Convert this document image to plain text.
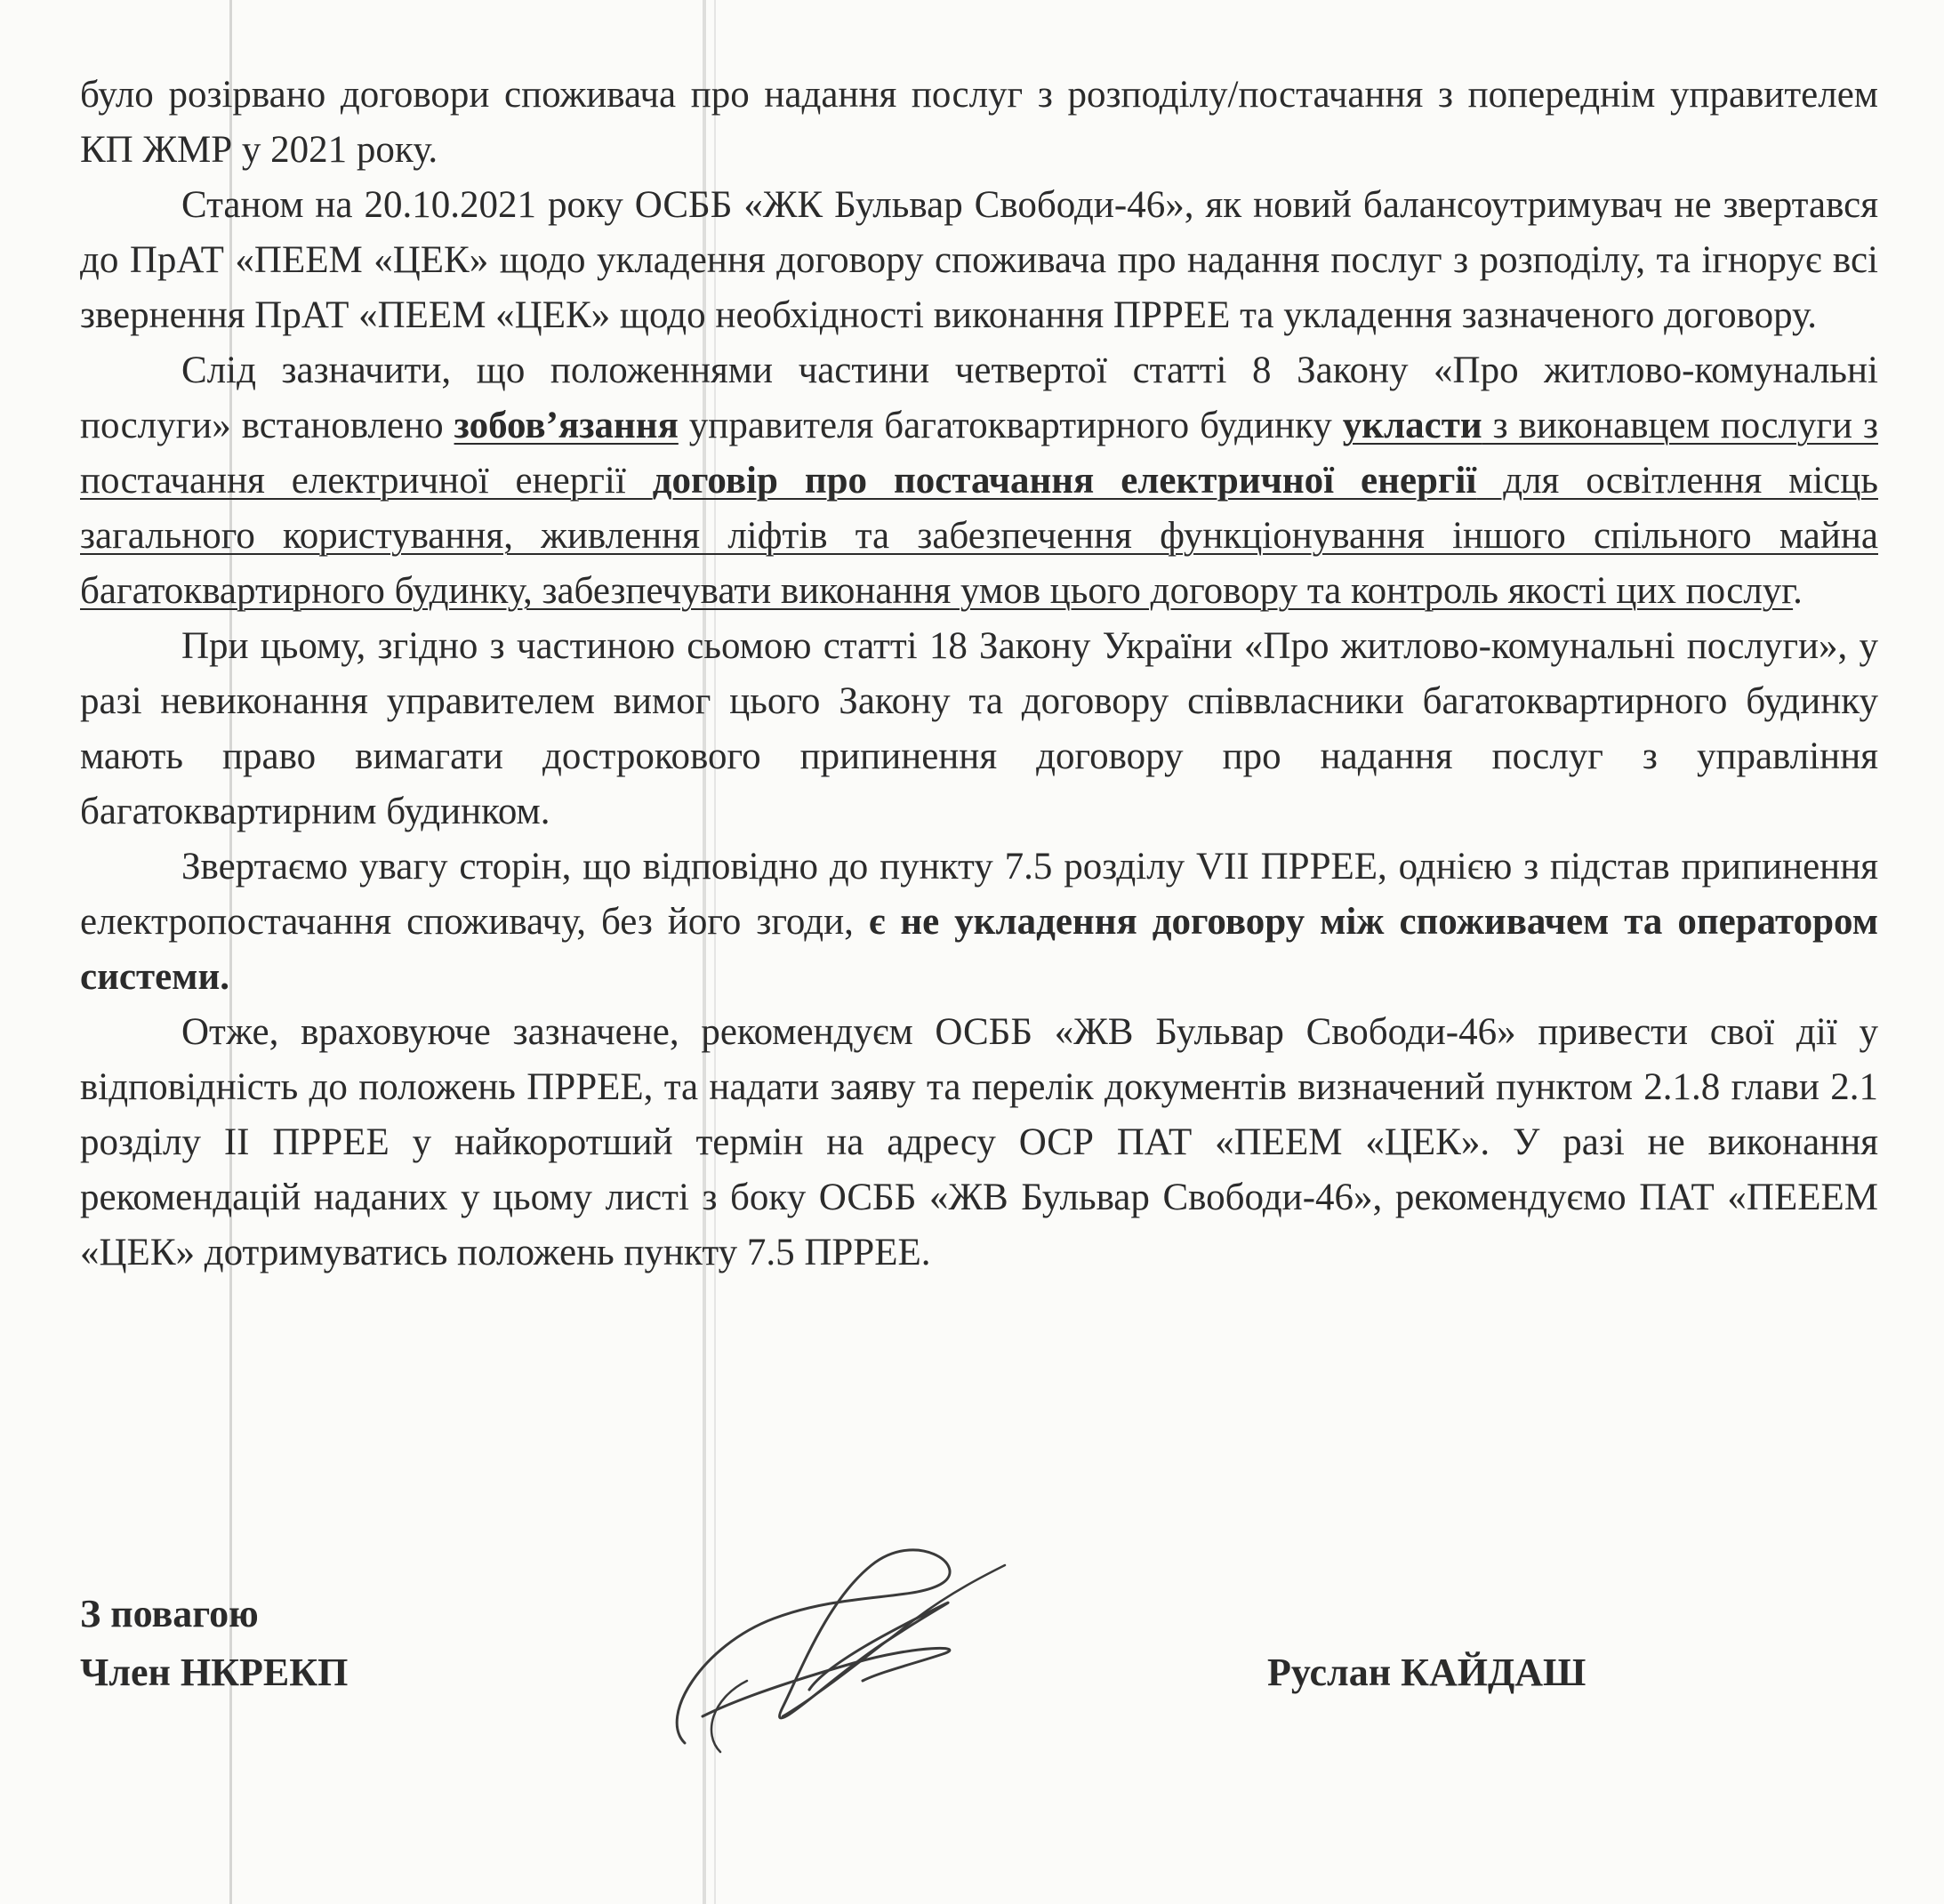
було розірвано договори споживача про надання послуг з розподілу/постачання з попереднім управителем КП ЖМР у 2021 року.

Станом на 20.10.2021 року ОСББ «ЖК Бульвар Свободи-46», як новий балансоутримувач не звертався до ПрАТ «ПЕЕМ «ЦЕК» щодо укладення договору споживача про надання послуг з розподілу, та ігнорує всі звернення ПрАТ «ПЕЕМ «ЦЕК» щодо необхідності виконання ПРРЕЕ та укладення зазначеного договору.

Слід зазначити, що положеннями частини четвертої статті 8 Закону «Про житлово-комунальні послуги» встановлено зобов’язання управителя багатоквартирного будинку укласти з виконавцем послуги з постачання електричної енергії договір про постачання електричної енергії для освітлення місць загального користування, живлення ліфтів та забезпечення функціонування іншого спільного майна багатоквартирного будинку, забезпечувати виконання умов цього договору та контроль якості цих послуг.

При цьому, згідно з частиною сьомою статті 18 Закону України «Про житлово-комунальні послуги», у разі невиконання управителем вимог цього Закону та договору співвласники багатоквартирного будинку мають право вимагати дострокового припинення договору про надання послуг з управління багатоквартирним будинком.

Звертаємо увагу сторін, що відповідно до пункту 7.5 розділу VII ПРРЕЕ, однією з підстав припинення електропостачання споживачу, без його згоди, є не укладення договору між споживачем та оператором системи.

Отже, враховуюче зазначене, рекомендуєм ОСББ «ЖВ Бульвар Свободи-46» привести свої дії у відповідність до положень ПРРЕЕ, та надати заяву та перелік документів визначений пунктом 2.1.8 глави 2.1 розділу II ПРРЕЕ у найкоротший термін на адресу ОСР ПАТ «ПЕЕМ «ЦЕК». У разі не виконання рекомендацій наданих у цьому листі з боку ОСББ «ЖВ Бульвар Свободи-46», рекомендуємо ПАТ «ПЕЕЕМ «ЦЕК» дотримуватись положень пункту 7.5 ПРРЕЕ.

З повагою
Член НКРЕКП	Руслан КАЙДАШ
